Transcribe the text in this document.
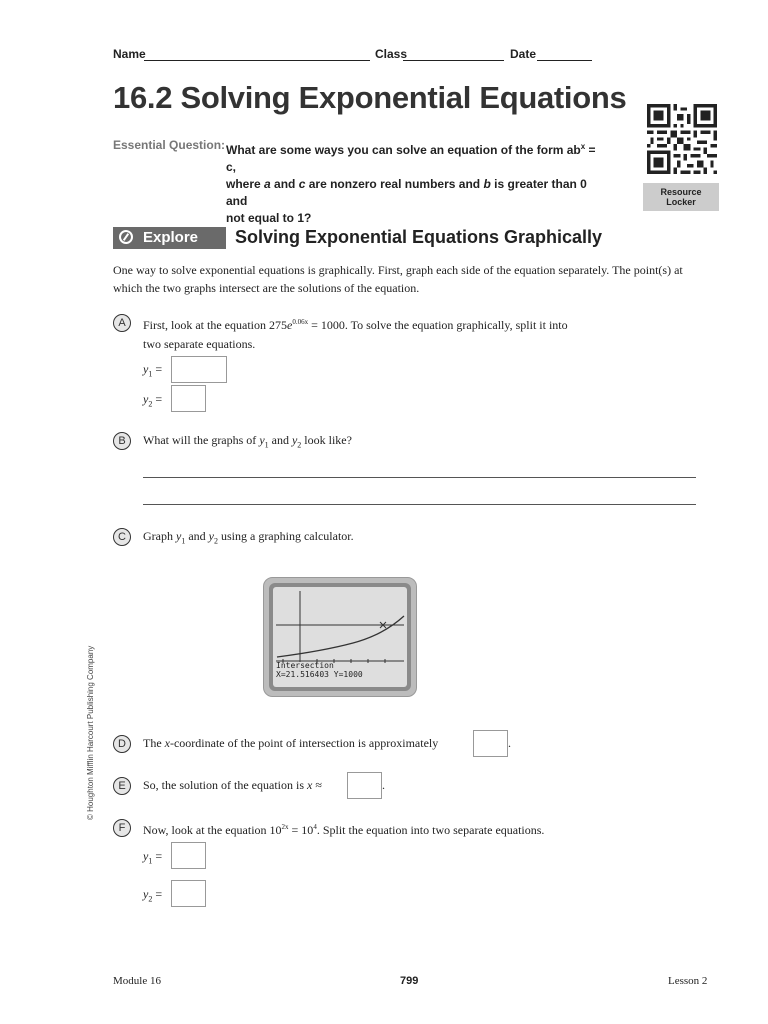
Name	Class	Date
16.2 Solving Exponential Equations
Essential Question: What are some ways you can solve an equation of the form $ab^x = c$,
where a and c are nonzero real numbers and b is greater than 0 and
not equal to 1?
Resource
Locker
Explore	Solving Exponential Equations Graphically
One way to solve exponential equations is graphically. First, graph each side of the equation separately. The point(s) at which the two graphs intersect are the solutions of the equation.
A	First, look at the equation $275e^{0.06x} = 1000$. To solve the equation graphically, split it into
two separate equations.
$y_1$ =
$y_2$ =
B	What will the graphs of $y_1$ and $y_2$ look like?
C	Graph $y_1$ and $y_2$ using a graphing calculator.
Intersection
X=21.516403 Y=1000
D	The x-coordinate of the point of intersection is approximately	.
E	So, the solution of the equation is x ≈	.
F	Now, look at the equation $10^{2x} = 10^4$. Split the equation into two separate equations.
$y_1$ =
$y_2$ =
© Houghton Mifflin Harcourt Publishing Company
Module 16	799	Lesson 2
